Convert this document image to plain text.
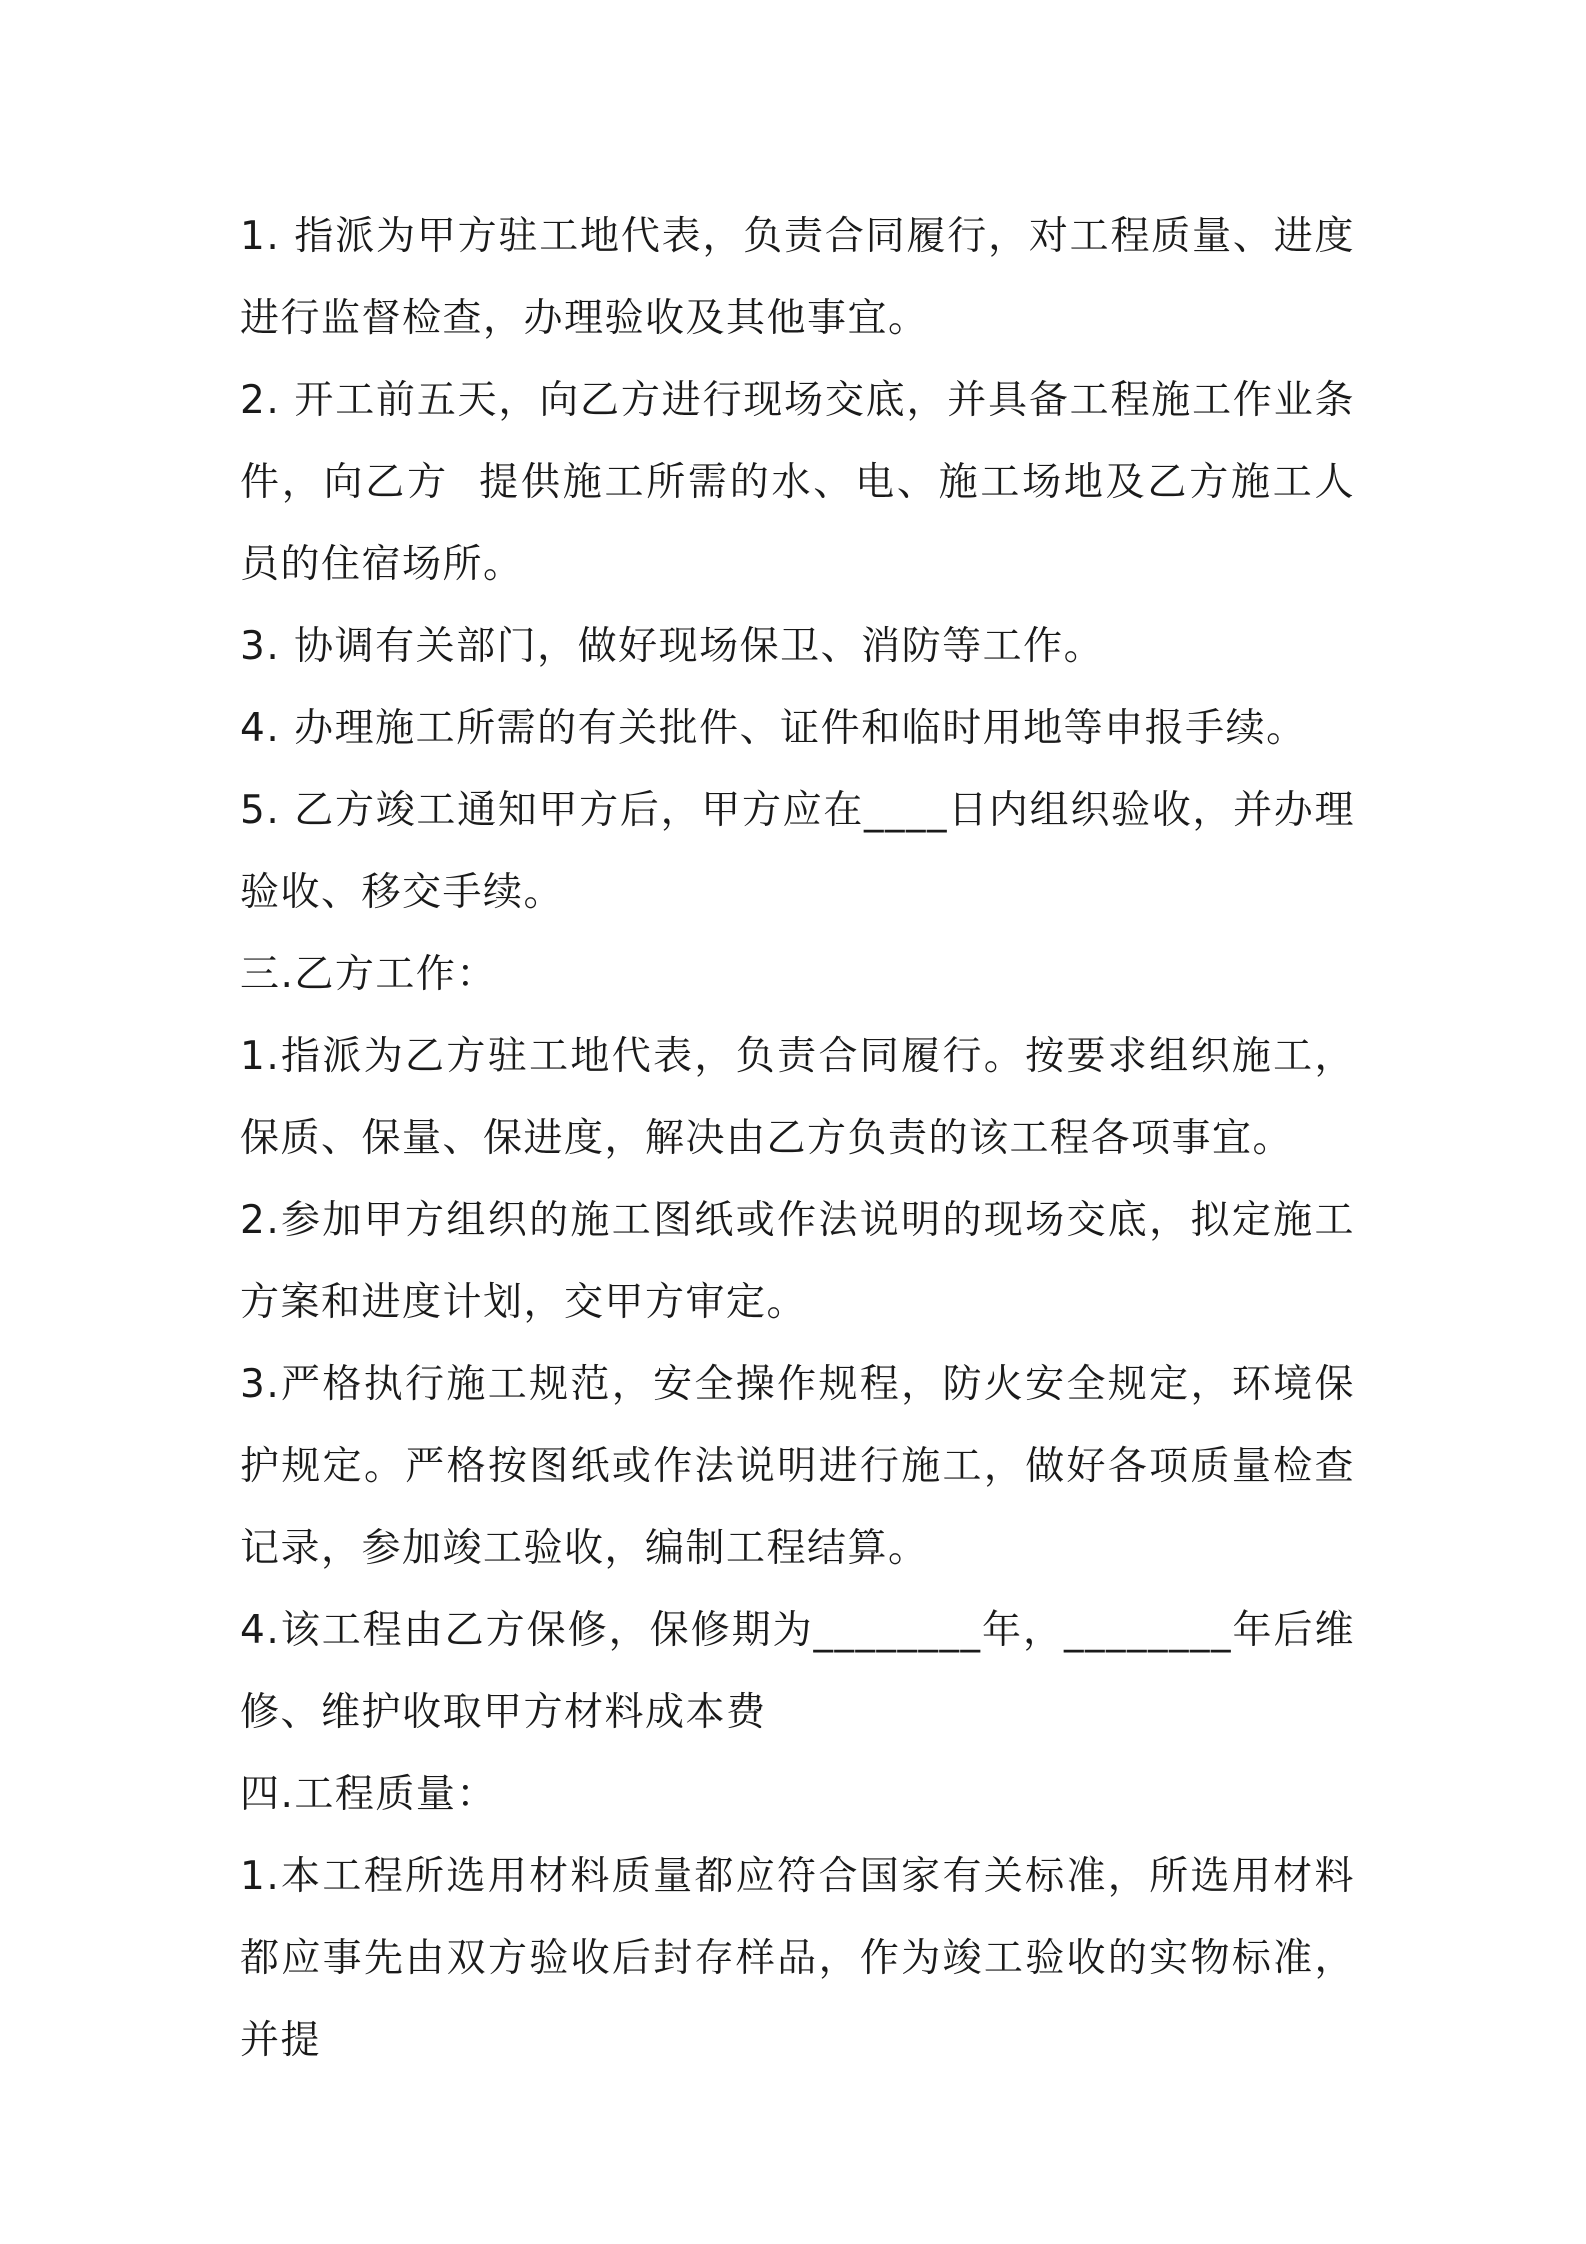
1. 指派为甲方驻工地代表，负责合同履行，对工程质量、进度进行监督检查，办理验收及其他事宜。

2. 开工前五天，向乙方进行现场交底，并具备工程施工作业条件，向乙方  提供施工所需的水、电、施工场地及乙方施工人员的住宿场所。

3. 协调有关部门，做好现场保卫、消防等工作。

4. 办理施工所需的有关批件、证件和临时用地等申报手续。

5. 乙方竣工通知甲方后，甲方应在____日内组织验收，并办理验收、移交手续。

三.乙方工作：

1.指派为乙方驻工地代表，负责合同履行。按要求组织施工，保质、保量、保进度，解决由乙方负责的该工程各项事宜。

2.参加甲方组织的施工图纸或作法说明的现场交底，拟定施工方案和进度计划，交甲方审定。

3.严格执行施工规范，安全操作规程，防火安全规定，环境保护规定。严格按图纸或作法说明进行施工，做好各项质量检查记录，参加竣工验收，编制工程结算。

4.该工程由乙方保修，保修期为________年，________年后维修、维护收取甲方材料成本费

四.工程质量：

1.本工程所选用材料质量都应符合国家有关标准，所选用材料都应事先由双方验收后封存样品，作为竣工验收的实物标准，并提
